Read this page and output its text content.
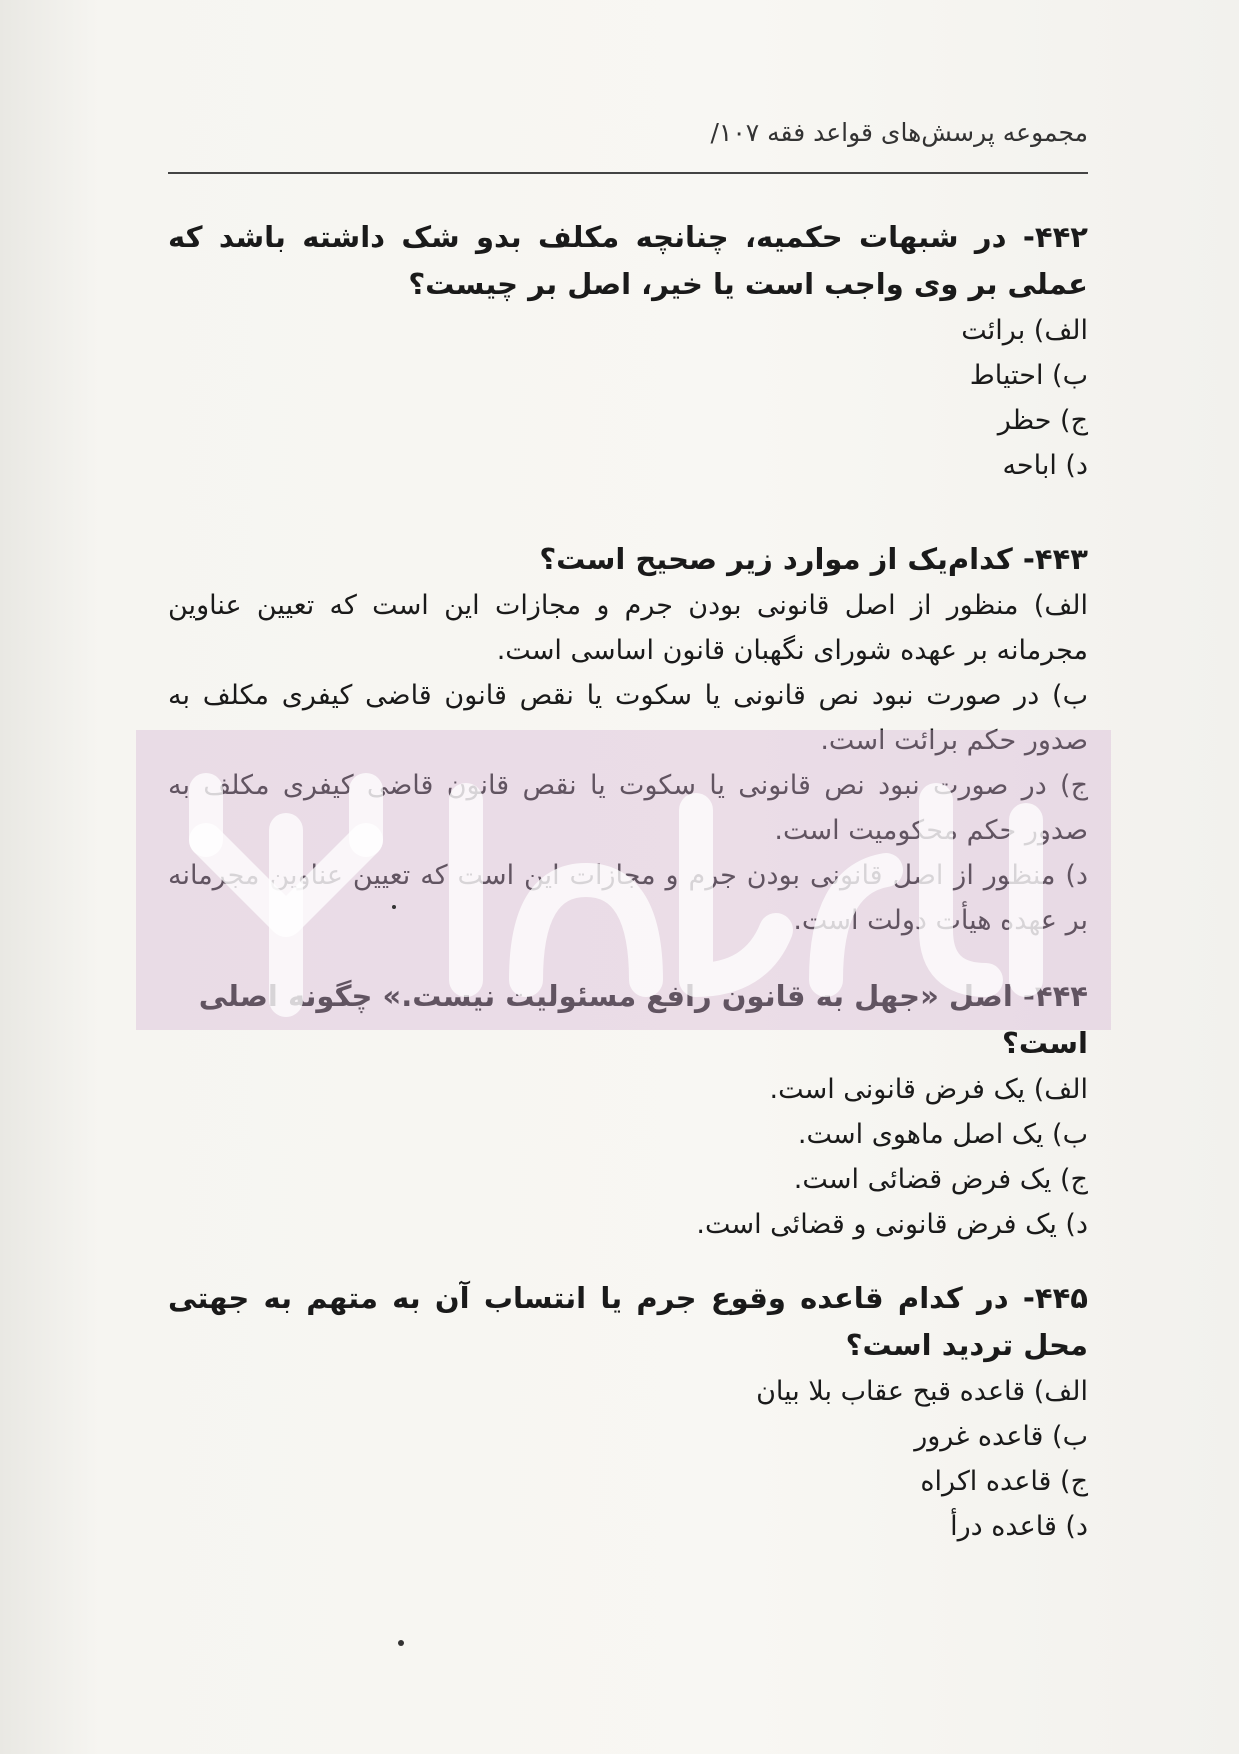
مجموعه پرسش‌های قواعد فقه ۱۰۷/

۴۴۲- در شبهات حکمیه، چنانچه مکلف بدو شک داشته باشد که عملی بر وی واجب است یا خیر، اصل بر چیست؟

الف) برائت

ب) احتیاط

ج) حظر

د) اباحه

۴۴۳- کدام‌یک از موارد زیر صحیح است؟

الف) منظور از اصل قانونی بودن جرم و مجازات این است که تعیین عناوین مجرمانه بر عهده شورای نگهبان قانون اساسی است.

ب) در صورت نبود نص قانونی یا سکوت یا نقص قانون قاضی کیفری مکلف به صدور حکم برائت است.

ج) در صورت نبود نص قانونی یا سکوت یا نقص قانون قاضی کیفری مکلف به صدور حکم محکومیت است.

د) منظور از اصل قانونی بودن جرم و مجازات این است که تعیین عناوین مجرمانه بر عهده هیأت دولت است.

۴۴۴- اصل «جهل به قانون رافع مسئولیت نیست.» چگونه اصلی است؟

الف) یک فرض قانونی است.

ب) یک اصل ماهوی است.

ج) یک فرض قضائی است.

د) یک فرض قانونی و قضائی است.

۴۴۵- در کدام قاعده وقوع جرم یا انتساب آن به متهم به جهتی محل تردید است؟

الف) قاعده قبح عقاب بلا بیان

ب) قاعده غرور

ج) قاعده اکراه

د) قاعده درأ
